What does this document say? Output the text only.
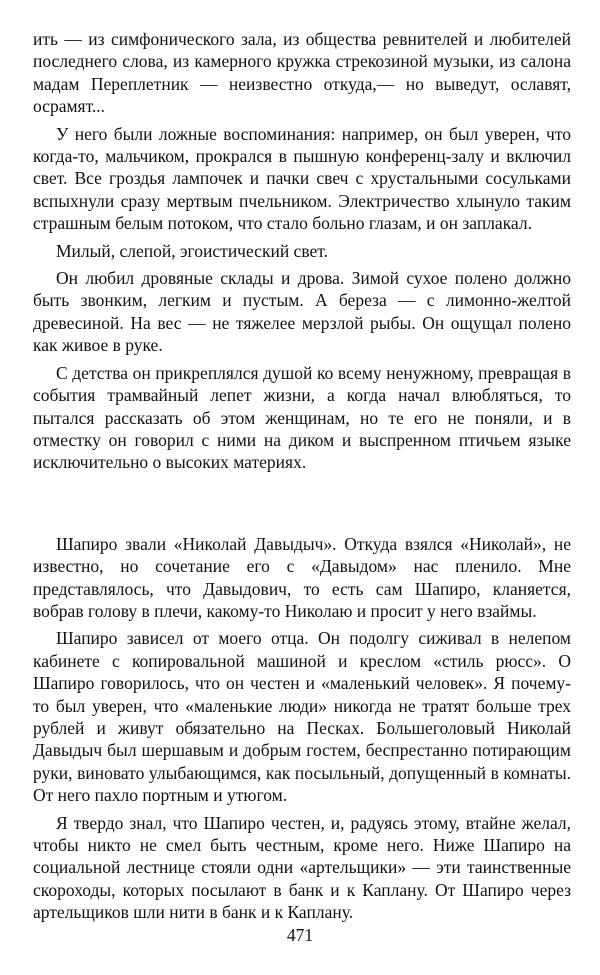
ить — из симфонического зала, из общества ревнителей и любителей последнего слова, из камерного кружка стрекозиной музыки, из салона мадам Переплетник — неизвестно откуда,— но выведут, ославят, осрамят...

У него были ложные воспоминания: например, он был уверен, что когда-то, мальчиком, прокрался в пышную конференц-залу и включил свет. Все гроздья лампочек и пачки свеч с хрустальными сосульками вспыхнули сразу мертвым пчельником. Электричество хлынуло таким страшным белым потоком, что стало больно глазам, и он заплакал.

Милый, слепой, эгоистический свет.

Он любил дровяные склады и дрова. Зимой сухое полено должно быть звонким, легким и пустым. А береза — с лимонно-желтой древесиной. На вес — не тяжелее мерзлой рыбы. Он ощущал полено как живое в руке.

С детства он прикреплялся душой ко всему ненужному, превращая в события трамвайный лепет жизни, а когда начал влюбляться, то пытался рассказать об этом женщинам, но те его не поняли, и в отместку он говорил с ними на диком и выспренном птичьем языке исключительно о высоких материях.

Шапиро звали «Николай Давыдыч». Откуда взялся «Николай», не известно, но сочетание его с «Давыдом» нас пленило. Мне представлялось, что Давыдович, то есть сам Шапиро, кланяется, вобрав голову в плечи, какому-то Николаю и просит у него взаймы.

Шапиро зависел от моего отца. Он подолгу сиживал в нелепом кабинете с копировальной машиной и креслом «стиль рюсс». О Шапиро говорилось, что он честен и «маленький человек». Я почему-то был уверен, что «маленькие люди» никогда не тратят больше трех рублей и живут обязательно на Песках. Большеголовый Николай Давыдыч был шершавым и добрым гостем, беспрестанно потирающим руки, виновато улыбающимся, как посыльный, допущенный в комнаты. От него пахло портным и утюгом.

Я твердо знал, что Шапиро честен, и, радуясь этому, втайне желал, чтобы никто не смел быть честным, кроме него. Ниже Шапиро на социальной лестнице стояли одни «артельщики» — эти таинственные скороходы, которых посылают в банк и к Каплану. От Шапиро через артельщиков шли нити в банк и к Каплану.

471
